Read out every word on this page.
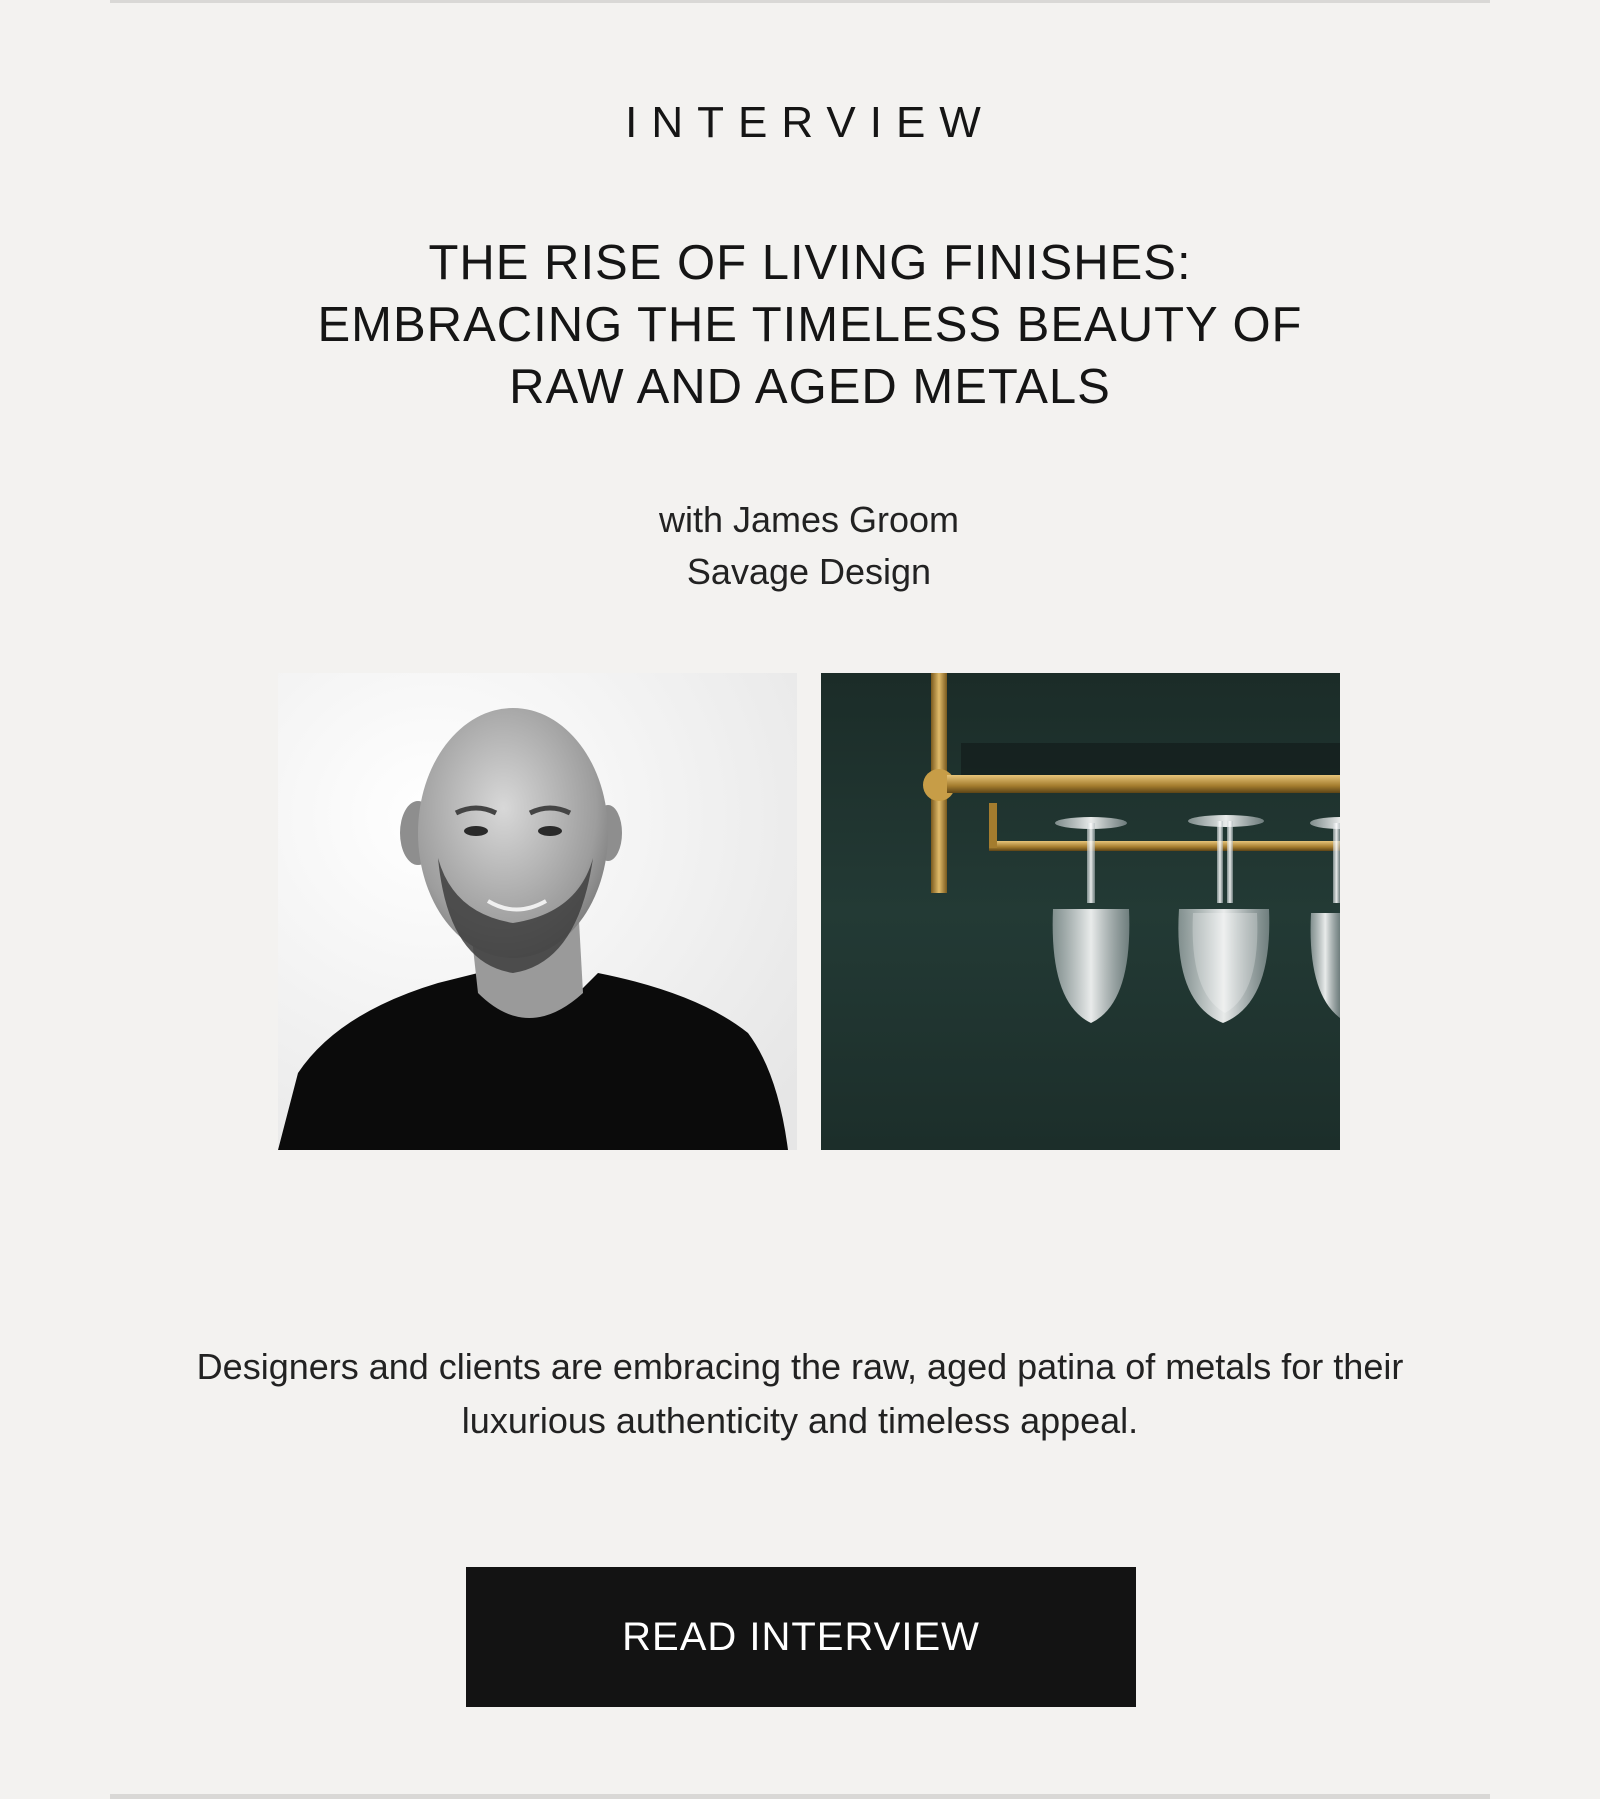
INTERVIEW
THE RISE OF LIVING FINISHES:
EMBRACING THE TIMELESS BEAUTY OF
RAW AND AGED METALS
with James Groom
Savage Design

Designers and clients are embracing the raw, aged patina of metals for their luxurious authenticity and timeless appeal.

READ INTERVIEW
